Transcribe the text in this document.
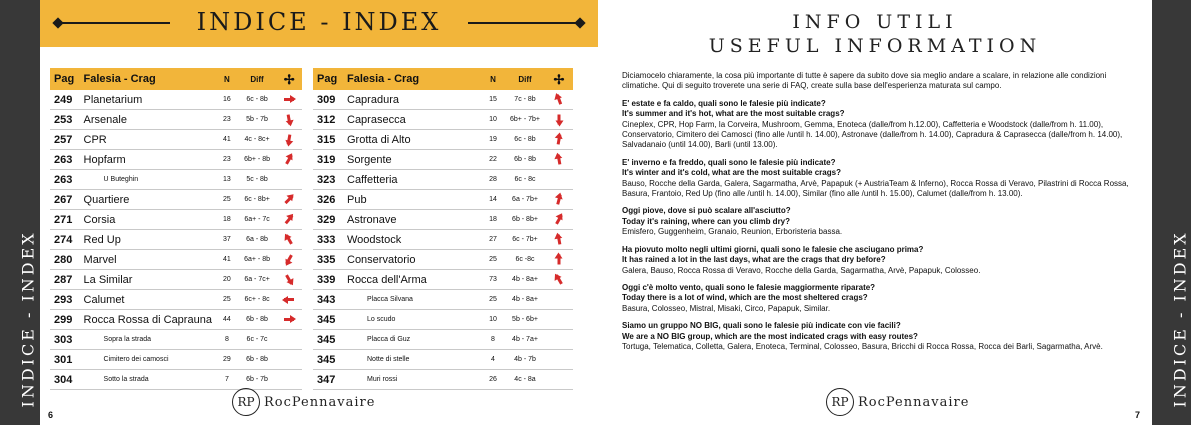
INDICE - INDEX	INDICE - INDEX
INDICE - INDEX
Pag	Falesia - Crag	N	Diff	✢
249	Planetarium	16	6c - 8b	
253	Arsenale	23	5b - 7b	
257	CPR	41	4c - 8c+	
263	Hopfarm	23	6b+ - 8b	
263	U Buteghin	13	5c - 8b	
267	Quartiere	25	6c - 8b+	
271	Corsia	18	6a+ - 7c	
274	Red Up	37	6a - 8b	
280	Marvel	41	6a+ - 8b	
287	La Similar	20	6a - 7c+	
293	Calumet	25	6c+ - 8c	
299	Rocca Rossa di Caprauna	44	6b - 8b	
303	Sopra la strada	8	6c - 7c	
301	Cimitero dei camosci	29	6b - 8b	
304	Sotto la strada	7	6b - 7b	
Pag	Falesia - Crag	N	Diff	✢
309	Capradura	15	7c - 8b	
312	Caprasecca	10	6b+ - 7b+	
315	Grotta di Alto	19	6c - 8b	
319	Sorgente	22	6b - 8b	
323	Caffetteria	28	6c - 8c	
326	Pub	14	6a - 7b+	
329	Astronave	18	6b - 8b+	
333	Woodstock	27	6c - 7b+	
335	Conservatorio	25	6c -8c	
339	Rocca dell'Arma	73	4b - 8a+	
343	Placca Silvana	25	4b - 8a+	
345	Lo scudo	10	5b - 6b+	
345	Placca di Guz	8	4b - 7a+	
345	Notte di stelle	4	4b - 7b	
347	Muri rossi	26	4c - 8a	
RP RocPennavaire
6
INFO UTILI
USEFUL INFORMATION

Diciamocelo chiaramente, la cosa più importante di tutte è sapere da subito dove sia meglio andare a scalare, in relazione alle condizioni climatiche. Qui di seguito troverete una serie di FAQ, create sulla base dell'esperienza maturata sul campo.

E' estate e fa caldo, quali sono le falesie più indicate?
It's summer and it's hot, what are the most suitable crags?
Cineplex, CPR, Hop Farm, la Corveira, Mushroom, Gemma, Enoteca (dalle/from h.12.00), Caffetteria e Woodstock (dalle/from h. 11.00), Conservatorio, Cimitero dei Camosci (fino alle /until h. 14.00), Astronave (dalle/from h. 14.00), Capradura & Caprasecca (dalle/from h. 14.00), Salvadanaio (until 14.00), Barli (until 13.00).

E' inverno e fa freddo, quali sono le falesie più indicate?
It's winter and it's cold, what are the most suitable crags?
Bauso, Rocche della Garda, Galera, Sagarmatha, Arvè, Papapuk (+ AustriaTeam & Inferno), Rocca Rossa di Veravo, Pilastrini di Rocca Rossa, Basura, Frantoio, Red Up (fino alle /until h. 14.00), Similar (fino alle /until h. 15.00), Calumet (dalle/from h. 13.00).

Oggi piove, dove si può scalare all'asciutto?
Today it's raining, where can you climb dry?
Emisfero, Guggenheim, Granaio, Reunion, Erboristeria bassa.

Ha piovuto molto negli ultimi giorni, quali sono le falesie che asciugano prima?
It has rained a lot in the last days, what are the crags that dry before?
Galera, Bauso, Rocca Rossa di Veravo, Rocche della Garda, Sagarmatha, Arvè, Papapuk, Colosseo.

Oggi c'è molto vento, quali sono le falesie maggiormente riparate?
Today there is a lot of wind, which are the most sheltered crags?
Basura, Colosseo, Mistral, Misaki, Circo, Papapuk, Similar.

Siamo un gruppo NO BIG, quali sono le falesie più indicate con vie facili?
We are a NO BIG group, which are the most indicated crags with easy routes?
Tortuga, Telematica, Colletta, Galera, Enoteca, Terminal, Colosseo, Basura, Bricchi di Rocca Rossa, Rocca dei Barli, Sagarmatha, Arvè.

RP RocPennavaire
7
